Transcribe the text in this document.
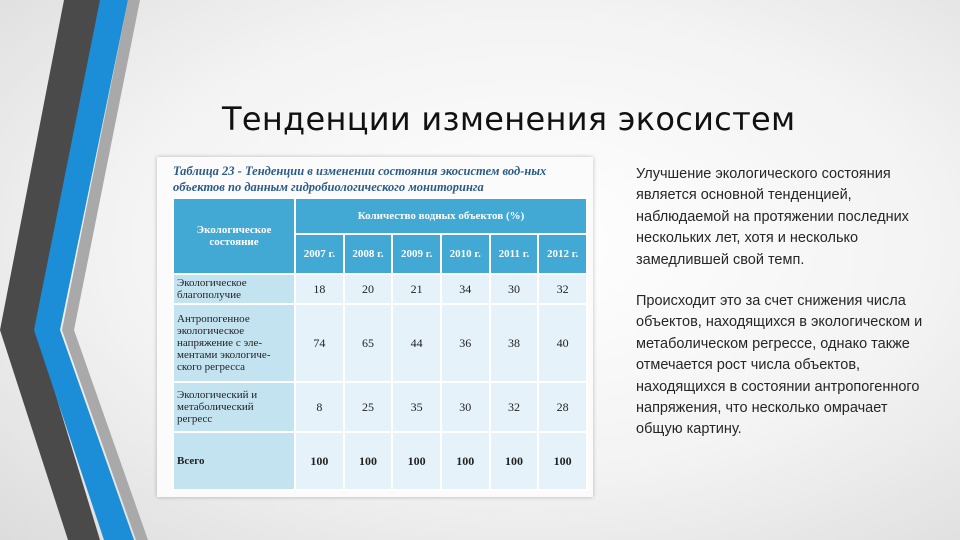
Тенденции изменения экосистем
Таблица 23 - Тенденции в изменении состояния экосистем вод-ных объектов по данным гидробиологического мониторинга
Экологическое состояние	Количество водных объектов (%)					
	2007 г.	2008 г.	2009 г.	2010 г.	2011 г.	2012 г.
Экологическое благополучие	18	20	21	34	30	32
Антропогенное экологическое напряжение с эле-ментами экологиче-ского регресса	74	65	44	36	38	40
Экологический и метаболический регресс	8	25	35	30	32	28
Всего	100	100	100	100	100	100

Улучшение экологического состояния является основной тенденцией, наблюдаемой на протяжении последних нескольких лет, хотя и несколько замедлившей свой темп.

Происходит это за счет снижения числа объектов, находящихся в экологическом и метаболическом регрессе, однако также отмечается рост числа объектов, находящихся в состоянии антропогенного напряжения, что несколько омрачает общую картину.
